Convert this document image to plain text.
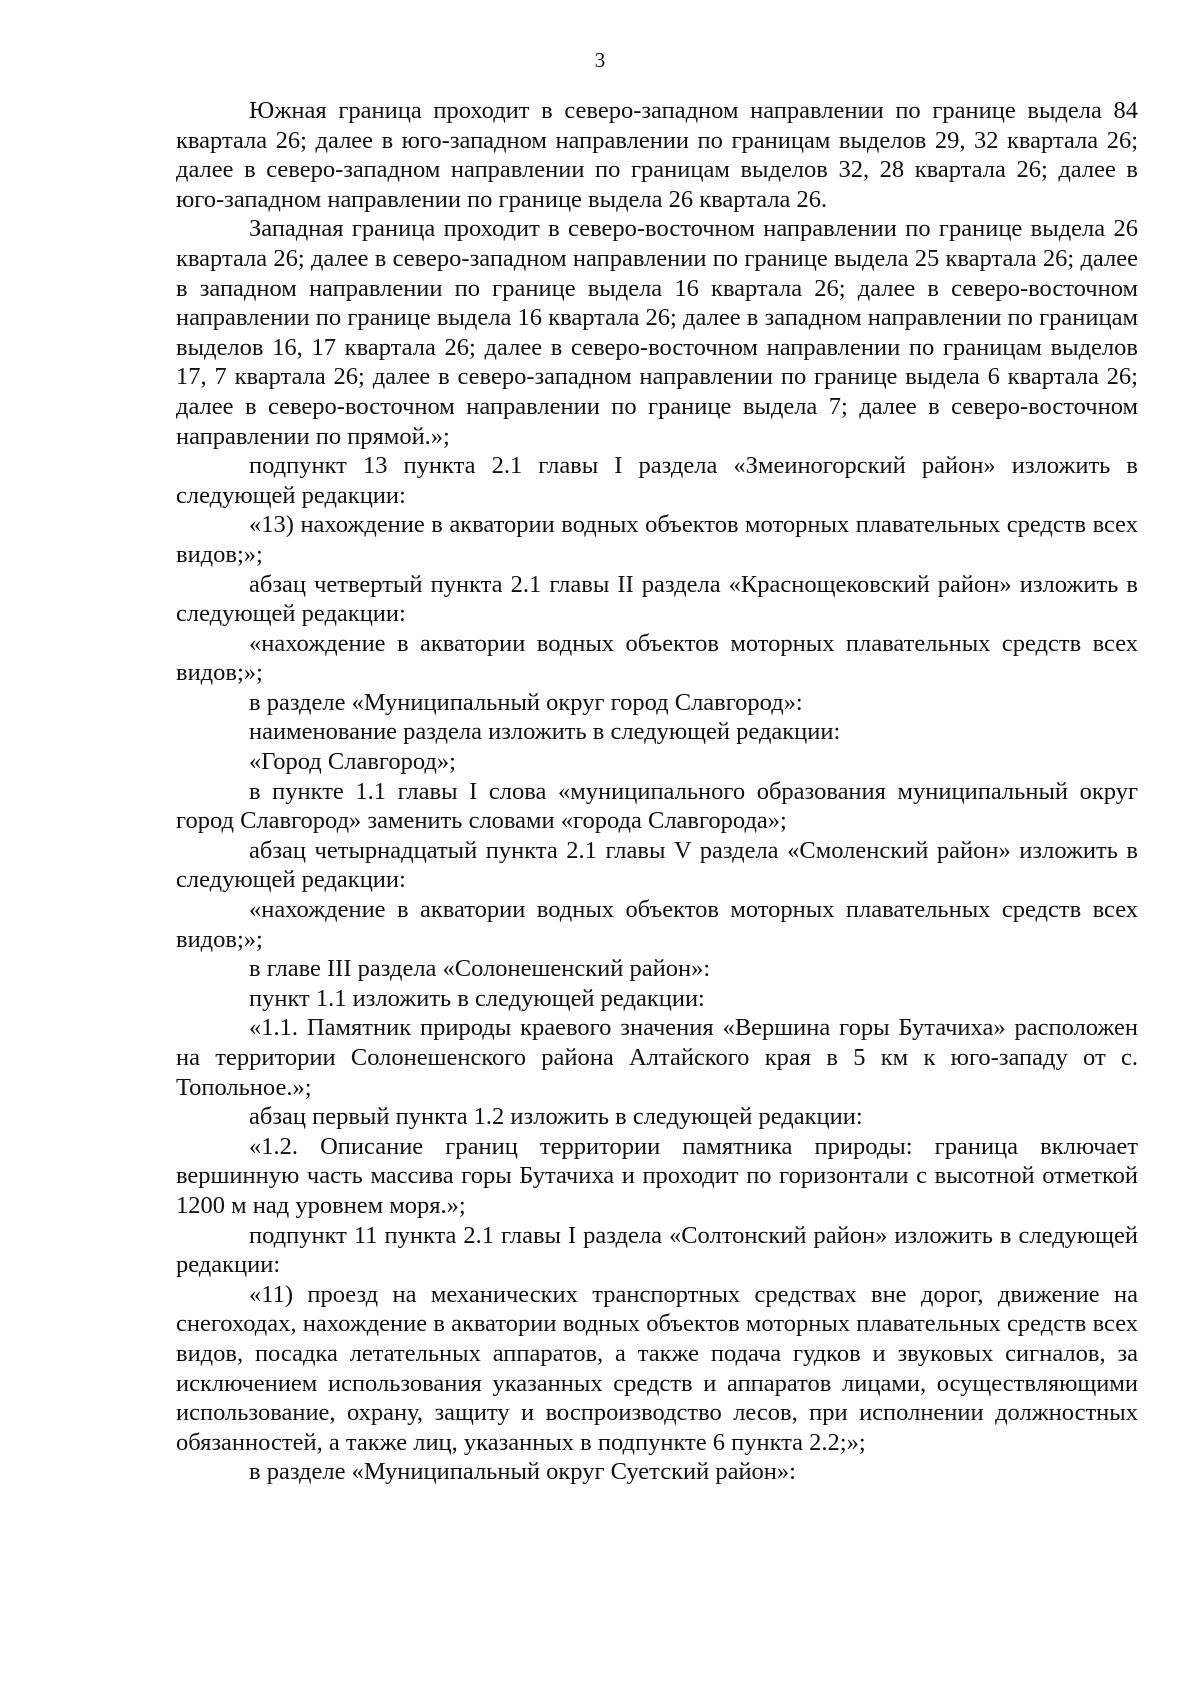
3

Южная граница проходит в северо-западном направлении по границе выдела 84 квартала 26; далее в юго-западном направлении по границам выделов 29, 32 квартала 26; далее в северо-западном направлении по границам выделов 32, 28 квартала 26; далее в юго-западном направлении по границе выдела 26 квартала 26.

Западная граница проходит в северо-восточном направлении по границе выдела 26 квартала 26; далее в северо-западном направлении по границе выдела 25 квартала 26; далее в западном направлении по границе выдела 16 квартала 26; далее в северо-восточном направлении по границе выдела 16 квартала 26; далее в западном направлении по границам выделов 16, 17 квартала 26; далее в северо-восточном направлении по границам выделов 17, 7 квартала 26; далее в северо-западном направлении по границе выдела 6 квартала 26; далее в северо-восточном направлении по границе выдела 7; далее в северо-восточном направлении по прямой.»;

подпункт 13 пункта 2.1 главы I раздела «Змеиногорский район» изложить в следующей редакции:

«13) нахождение в акватории водных объектов моторных плавательных средств всех видов;»;

абзац четвертый пункта 2.1 главы II раздела «Краснощековский район» изложить в следующей редакции:

«нахождение в акватории водных объектов моторных плавательных средств всех видов;»;

в разделе «Муниципальный округ город Славгород»:

наименование раздела изложить в следующей редакции:

«Город Славгород»;

в пункте 1.1 главы I слова «муниципального образования муниципальный округ город Славгород» заменить словами «города Славгорода»;

абзац четырнадцатый пункта 2.1 главы V раздела «Смоленский район» изложить в следующей редакции:

«нахождение в акватории водных объектов моторных плавательных средств всех видов;»;

в главе III раздела «Солонешенский район»:

пункт 1.1 изложить в следующей редакции:

«1.1. Памятник природы краевого значения «Вершина горы Бутачиха» расположен на территории Солонешенского района Алтайского края в 5 км к юго-западу от с. Топольное.»;

абзац первый пункта 1.2 изложить в следующей редакции:

«1.2. Описание границ территории памятника природы: граница включает вершинную часть массива горы Бутачиха и проходит по горизонтали с высотной отметкой 1200 м над уровнем моря.»;

подпункт 11 пункта 2.1 главы I раздела «Солтонский район» изложить в следующей редакции:

«11) проезд на механических транспортных средствах вне дорог, движение на снегоходах, нахождение в акватории водных объектов моторных плавательных средств всех видов, посадка летательных аппаратов, а также подача гудков и звуковых сигналов, за исключением использования указанных средств и аппаратов лицами, осуществляющими использование, охрану, защиту и воспроизводство лесов, при исполнении должностных обязанностей, а также лиц, указанных в подпункте 6 пункта 2.2;»;

в разделе «Муниципальный округ Суетский район»:
